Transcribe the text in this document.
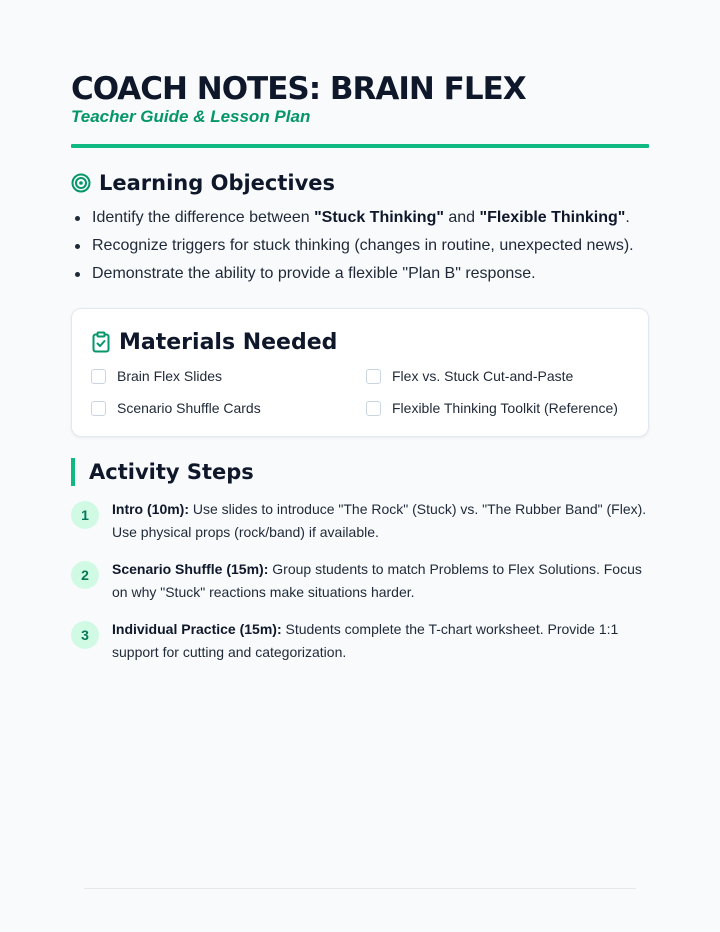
COACH NOTES: BRAIN FLEX
Teacher Guide & Lesson Plan
Learning Objectives
Identify the difference between "Stuck Thinking" and "Flexible Thinking".
Recognize triggers for stuck thinking (changes in routine, unexpected news).
Demonstrate the ability to provide a flexible "Plan B" response.
Materials Needed
Brain Flex Slides	Flex vs. Stuck Cut-and-Paste
Scenario Shuffle Cards	Flexible Thinking Toolkit (Reference)
Activity Steps
1	Intro (10m): Use slides to introduce "The Rock" (Stuck) vs. "The Rubber Band" (Flex). Use physical props (rock/band) if available.
2	Scenario Shuffle (15m): Group students to match Problems to Flex Solutions. Focus on why "Stuck" reactions make situations harder.
3	Individual Practice (15m): Students complete the T-chart worksheet. Provide 1:1 support for cutting and categorization.
